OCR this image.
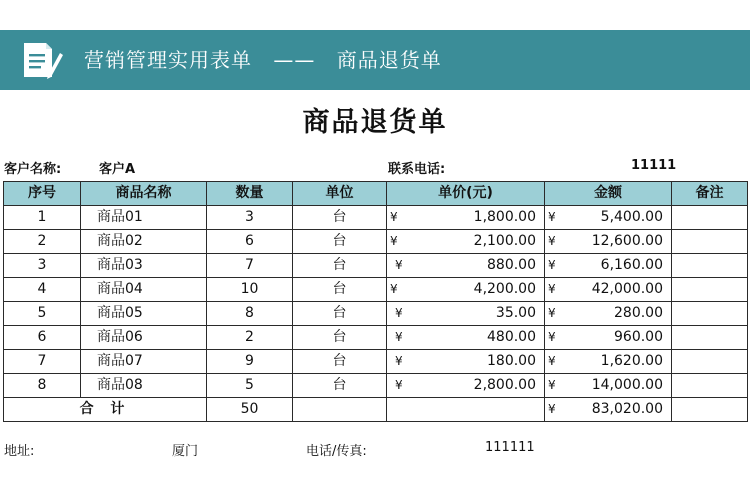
营销管理实用表单 —— 商品退货单
商品退货单
客户名称:	客户A	联系电话:	11111
序号	商品名称	数量	单位	单价(元)	金额	备注
1	商品01	3	台	¥ 1,800.00	¥ 5,400.00	

2	商品02	6	台	¥ 2,100.00	¥ 12,600.00	

3	商品03	7	台	¥ 880.00	¥ 6,160.00	

4	商品04	10	台	¥ 4,200.00	¥ 42,000.00	

5	商品05	8	台	¥ 35.00	¥ 280.00	

6	商品06	2	台	¥ 480.00	¥ 960.00	

7	商品07	9	台	¥ 180.00	¥ 1,620.00	

8	商品08	5	台	¥ 2,800.00	¥ 14,000.00	

合 计		50			¥ 83,020.00	

地址:	厦门	电话/传真:	111111
